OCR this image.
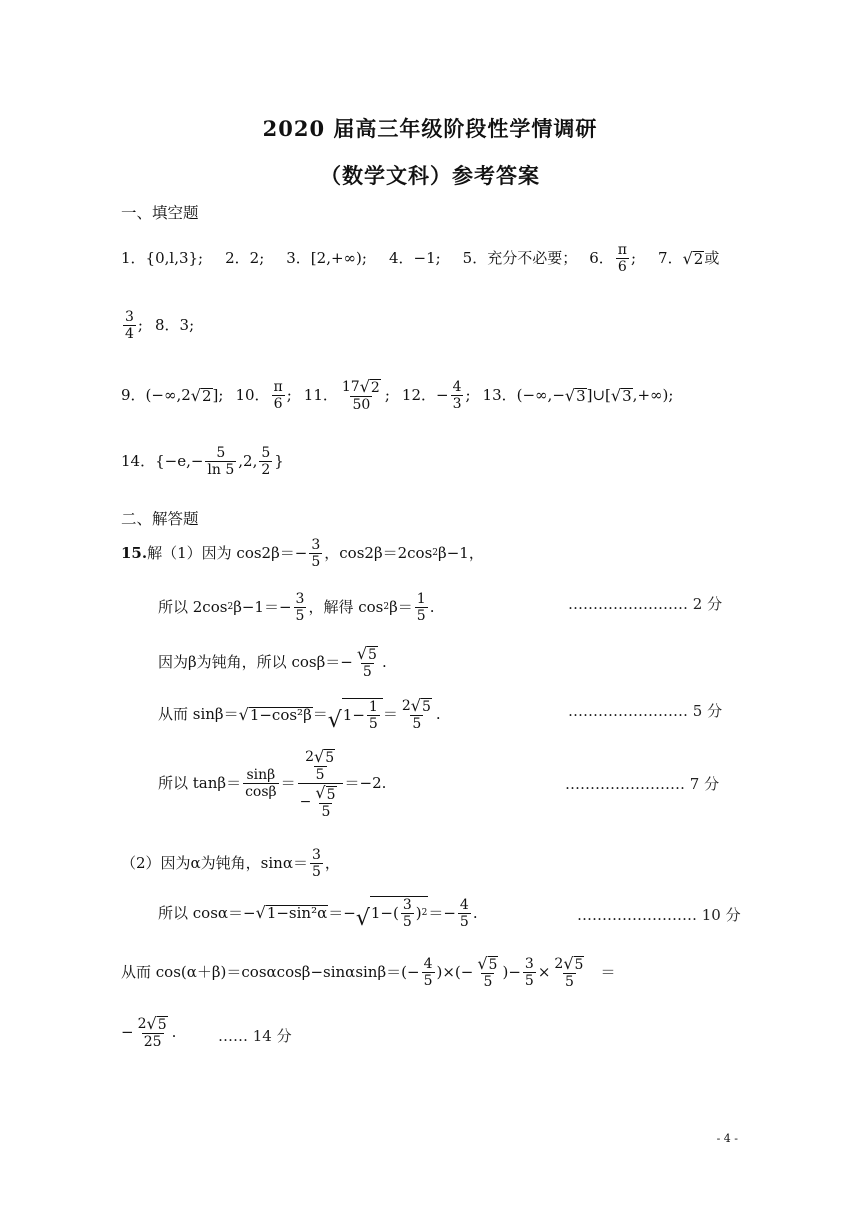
2020 届高三年级阶段性学情调研
（数学文科）参考答案
一、填空题
1．{0,l,3}; 2．2; 3．[2,+∞); 4．−1; 5．充分不必要； 6． $\frac{\pi}{6}$ ; 7． √ 2 或
$\frac{3}{4}$ ; 8．3;
9．(−∞,2 √ 2 ]; 10． $\frac{\pi}{6}$ ; 11． $\frac{17 √ 2}{50}$ ; 12．− $\frac{4}{3}$ ; 13．(−∞,− √ 3 ]∪[ √ 3 ,+∞);
14．{$-e,- \frac{5}{\ln 5} ,2$, $\frac{5}{2}$ }
二、解答题
15. 解（1）因为 $\cos 2\beta=- \frac{3}{5}$ ，cos2β＝2cos 2 β−1，
所以 2cos 2 $\beta-1=- \frac{3}{5}$ ，解得 cos 2 $\beta= \frac{1}{5}$ .	…………………… 2 分
因为β为钝角，所以 $\cos\beta=- \frac{√ 5}{5}$ .
从而 sinβ＝ √ 1−cos²β ＝ √ $1- \frac{1}{5} = \frac{2 √ 5}{5}$ .	…………………… 5 分
所以 $\tan\beta= \frac{\sin\beta}{\cos\beta} = \frac{\frac{2 √ 5}{5}}{- \frac{√ 5}{5}} =-2$.	…………………… 7 分
（2）因为α为钝角，$\sin\alpha= \frac{3}{5}$ ，
所以 cosα＝− √ 1−sin²α ＝− √ $1-( \frac{3}{5}$ ) $2 =- \frac{4}{5}$ .	…………………… 10 分
从而 $\cos(\alpha+\beta)=\cos\alpha\cos\beta-\sin\alpha\sin\beta=(- \frac{4}{5}$ )×(− $\frac{√ 5}{5}$ )− $\frac{3}{5} \times \frac{2 √ 5}{5}$ ＝
− $\frac{2 √ 5}{25}$ .	…… 14 分
- 4 -
